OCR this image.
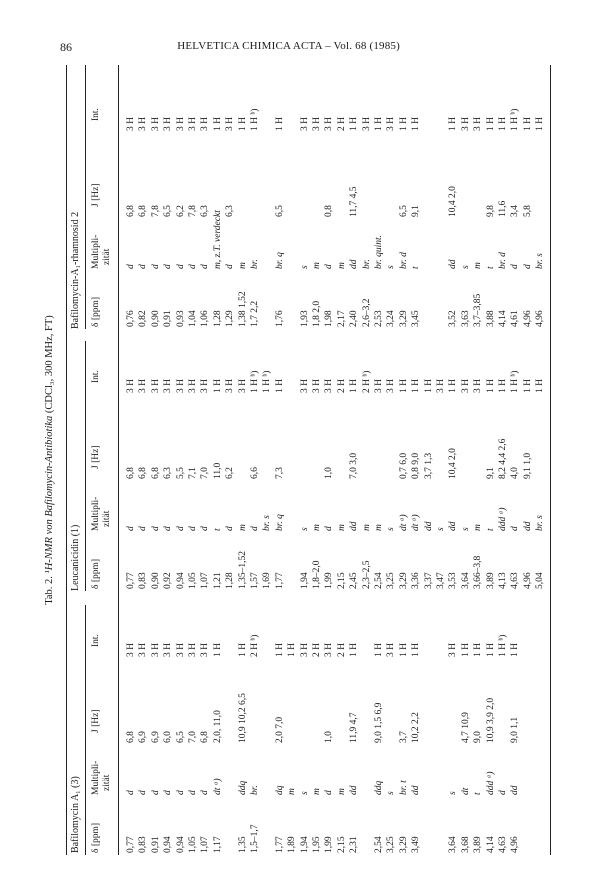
86	HELVETICA CHIMICA ACTA – Vol. 68 (1985)
Tab. 2. ¹H-NMR von Bafilomycin-Antibiotika (CDCl₃, 300 MHz, FT)
Bafilomycin A₁ (3)
Leucanicidin (1)
Bafilomycin-A₁-rhamnosid 2
δ [ppm]
Multipli- zität
J [Hz]
Int.
δ [ppm]
Multipli- zität
J [Hz]
Int.
δ [ppm]
Multipli- zität
J [Hz]
Int.
0,77
d
6,8
3 H
0,77
d
6,8
3 H
0,76
d
6,8
3 H
0,83
d
6,9
3 H
0,83
d
6,8
3 H
0,82
d
6,8
3 H
0,91
d
6,9
3 H
0,90
d
6,8
3 H
0,90
d
7,8
3 H
0,94
d
6,0
3 H
0,92
d
6,3
3 H
0,91
d
6,5
3 H
0,94
d
6,5
3 H
0,94
d
5,5
3 H
0,93
d
6,2
3 H
1,05
d
7,0
3 H
1,05
d
7,1
3 H
1,04
d
7,8
3 H
1,07
d
6,8
3 H
1,07
d
7,0
3 H
1,06
d
6,3
3 H
1,17
dt ᵃ)
2,0, 11,0
1 H
1,21
t
11,0
1 H
1,28
m, z.T. verdeckt
1 H
1,28
d
6,2
3 H
1,29
d
6,3
3 H
1,35
ddq
10,9 10,2 6,5
1 H
1,35–1,52
m
3 H
1,38 1,52
m
1 H
1,5–1,7
br.
2 H ᵇ)
1,57
d
6,6
1 H ᵇ)
1,7 2,2
br.
1 H ᵇ)
1,69
br. s
1 H ᵇ)
1,77
dq
2,0 7,0
1 H
1,77
br. q
7,3
1 H
1,76
br. q
6,5
1 H
1,89
m
1 H
1,94
s
3 H
1,94
s
3 H
1,93
s
3 H
1,95
m
2 H
1,8–2,0
m
3 H
1,8 2,0
m
3 H
1,99
d
1,0
3 H
1,99
d
1,0
3 H
1,98
d
0,8
3 H
2,15
m
2 H
2,15
m
2 H
2,17
m
2 H
2,31
dd
11,9 4,7
1 H
2,45
dd
7,0 3,0
1 H
2,40
dd
11,7 4,5
1 H
2,3–2,5
m
2 H ᵇ)
2,6–3,2
br.
3 H
2,54
ddq
9,0 1,5 6,9
1 H
2,54
m
3 H
2,53
br. quint.
1 H
3,25
s
3 H
3,25
s
3 H
3,24
s
3 H
3,29
br. t
3,7
1 H
3,29
dt ᵃ)
0,7 6,0
1 H
3,29
br. d
6,5
1 H
3,49
dd
10,2 2,2
1 H
3,36
dt ᵃ)
0,8 9,0
1 H
3,45
t
9,1
1 H
3,37
dd
3,7 1,3
1 H
3,47
s
3 H
3,64
s
3 H
3,53
dd
10,4 2,0
1 H
3,52
dd
10,4 2,0
1 H
3,68
dt
4,7 10,9
1 H
3,64
s
3 H
3,63
s
3 H
3,89
t
9,0
1 H
3,66–3,8
m
3 H
3,7–3,85
m
3 H
4,14
ddd ᵃ)
10,9 3,9 2,0
1 H
3,89
t
9,1
1 H
3,88
t
9,8
1 H
4,63
d
1 H ᵇ)
4,13
ddd ᵃ)
8,2 4,4 2,6
1 H
4,14
br. d
11,6
1 H
4,96
dd
9,0 1,1
1 H
4,63
d
4,0
1 H ᵇ)
4,61
d
3,4
1 H ᵇ)
4,96
dd
9,1 1,0
1 H
4,96
d
5,8
1 H
5,04
br. s
1 H
4,96
br. s
1 H
